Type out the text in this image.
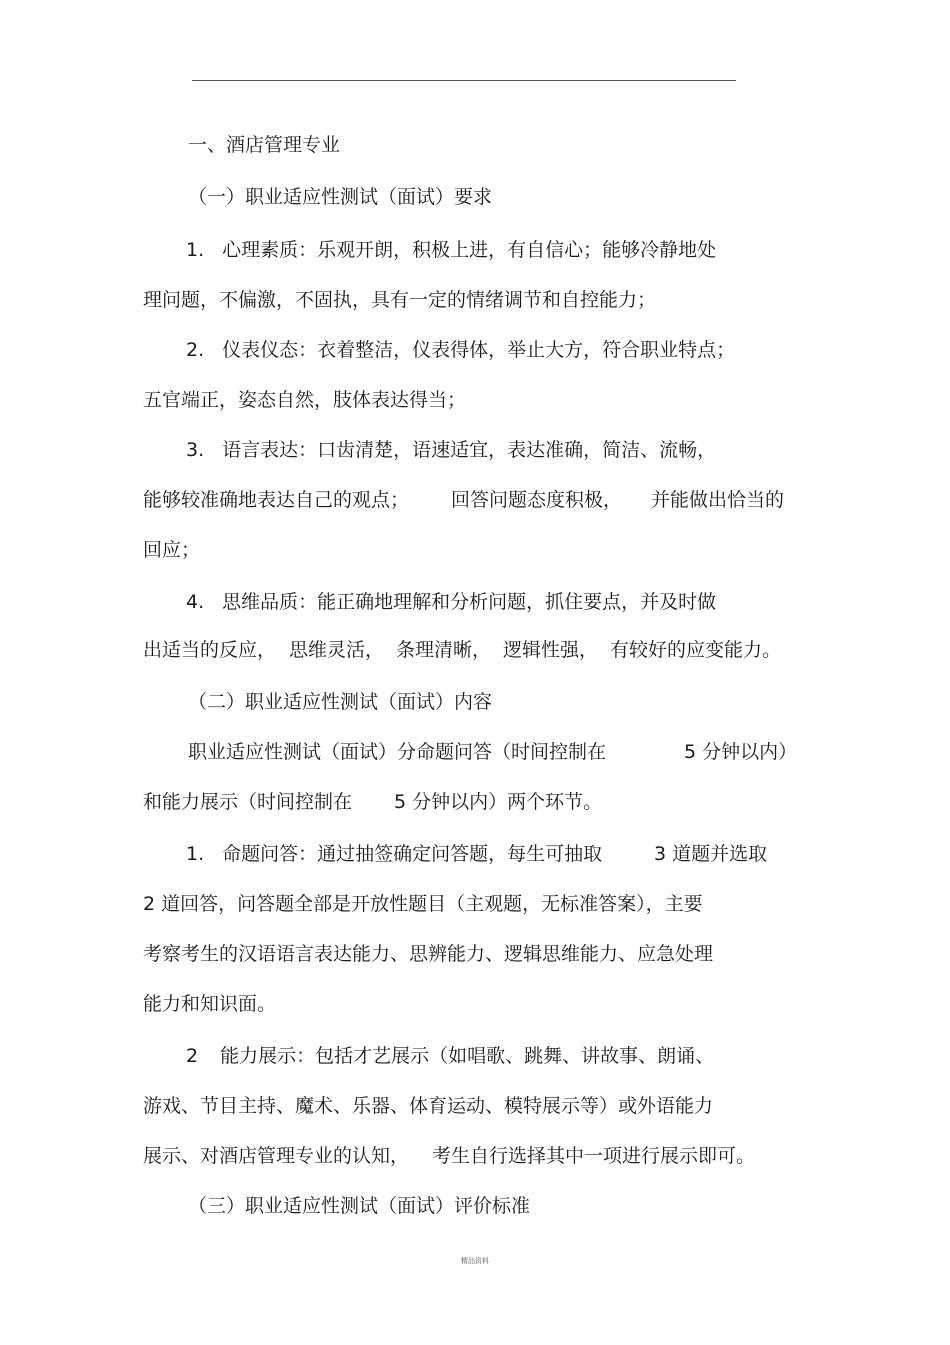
一、酒店管理专业
（一）职业适应性测试（面试）要求
1. 心理素质：乐观开朗，积极上进，有自信心；能够冷静地处
理问题，不偏激，不固执，具有一定的情绪调节和自控能力；
2. 仪表仪态：衣着整洁，仪表得体，举止大方，符合职业特点；
五官端正，姿态自然，肢体表达得当；
3. 语言表达：口齿清楚，语速适宜，表达准确，简洁、流畅，
能够较准确地表达自己的观点； 回答问题态度积极， 并能做出恰当的
回应；
4. 思维品质：能正确地理解和分析问题，抓住要点，并及时做
出适当的反应， 思维灵活， 条理清晰， 逻辑性强， 有较好的应变能力。
（二）职业适应性测试（面试）内容
职业适应性测试（面试）分命题问答（时间控制在	5 分钟以内）
和能力展示（时间控制在 5 分钟以内）两个环节。
1. 命题问答：通过抽签确定问答题，每生可抽取	3 道题并选取
2 道回答，问答题全部是开放性题目（主观题，无标准答案），主要
考察考生的汉语语言表达能力、思辨能力、逻辑思维能力、应急处理
能力和知识面。
2 能力展示：包括才艺展示（如唱歌、跳舞、讲故事、朗诵、
游戏、节目主持、魔术、乐器、体育运动、模特展示等）或外语能力
展示、对酒店管理专业的认知， 考生自行选择其中一项进行展示即可。
（三）职业适应性测试（面试）评价标准
精品资料
